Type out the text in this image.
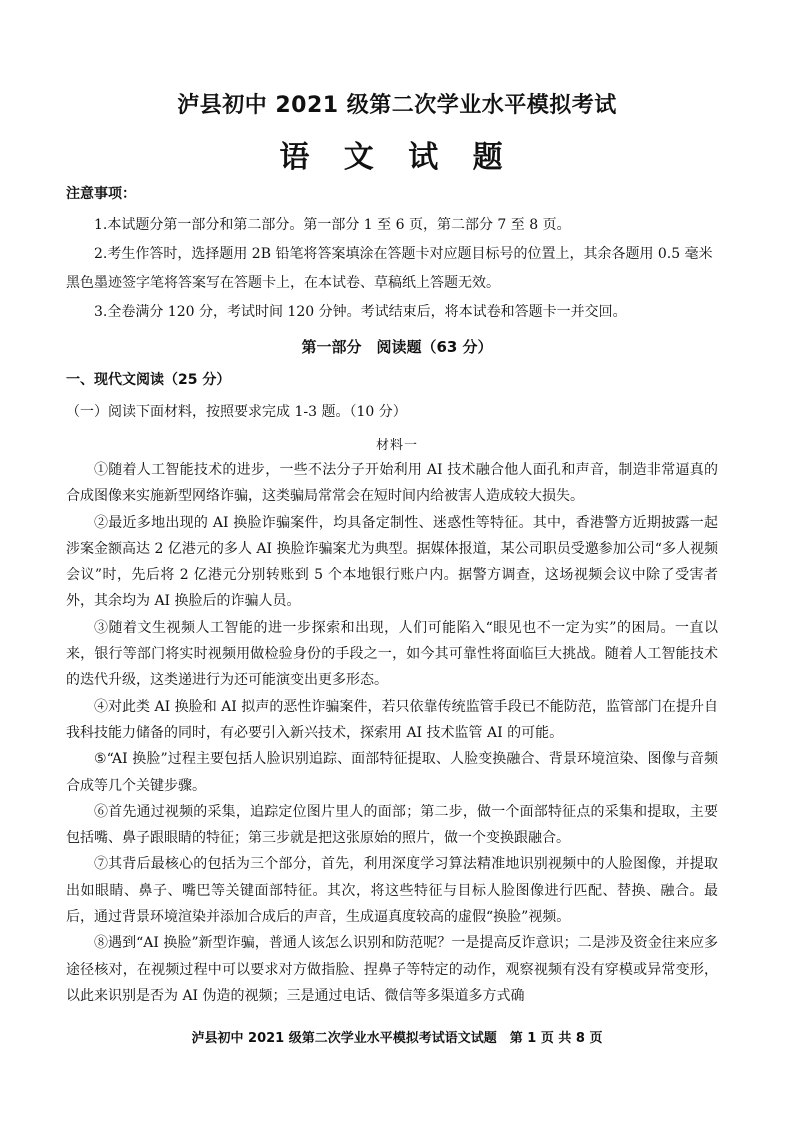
泸县初中 2021 级第二次学业水平模拟考试
语 文 试 题
注意事项：

1.本试题分第一部分和第二部分。第一部分 1 至 6 页，第二部分 7 至 8 页。

2.考生作答时，选择题用 2B 铅笔将答案填涂在答题卡对应题目标号的位置上，其余各题用 0.5 毫米黑色墨迹签字笔将答案写在答题卡上，在本试卷、草稿纸上答题无效。

3.全卷满分 120 分，考试时间 120 分钟。考试结束后，将本试卷和答题卡一并交回。

第一部分　阅读题（63 分）
一、现代文阅读（25 分）
（一）阅读下面材料，按照要求完成 1-3 题。（10 分）
材料一

①随着人工智能技术的进步，一些不法分子开始利用 AI 技术融合他人面孔和声音，制造非常逼真的合成图像来实施新型网络诈骗，这类骗局常常会在短时间内给被害人造成较大损失。

②最近多地出现的 AI 换脸诈骗案件，均具备定制性、迷惑性等特征。其中，香港警方近期披露一起涉案金额高达 2 亿港元的多人 AI 换脸诈骗案尤为典型。据媒体报道，某公司职员受邀参加公司“多人视频会议”时，先后将 2 亿港元分别转账到 5 个本地银行账户内。据警方调查，这场视频会议中除了受害者外，其余均为 AI 换脸后的诈骗人员。

③随着文生视频人工智能的进一步探索和出现，人们可能陷入“眼见也不一定为实”的困局。一直以来，银行等部门将实时视频用做检验身份的手段之一，如今其可靠性将面临巨大挑战。随着人工智能技术的迭代升级，这类递进行为还可能演变出更多形态。

④对此类 AI 换脸和 AI 拟声的恶性诈骗案件，若只依靠传统监管手段已不能防范，监管部门在提升自我科技能力储备的同时，有必要引入新兴技术，探索用 AI 技术监管 AI 的可能。

⑤“AI 换脸”过程主要包括人脸识别追踪、面部特征提取、人脸变换融合、背景环境渲染、图像与音频合成等几个关键步骤。

⑥首先通过视频的采集，追踪定位图片里人的面部；第二步，做一个面部特征点的采集和提取，主要包括嘴、鼻子跟眼睛的特征；第三步就是把这张原始的照片，做一个变换跟融合。

⑦其背后最核心的包括为三个部分，首先，利用深度学习算法精准地识别视频中的人脸图像，并提取出如眼睛、鼻子、嘴巴等关键面部特征。其次，将这些特征与目标人脸图像进行匹配、替换、融合。最后，通过背景环境渲染并添加合成后的声音，生成逼真度较高的虚假“换脸”视频。

⑧遇到“AI 换脸”新型诈骗，普通人该怎么识别和防范呢？一是提高反诈意识；二是涉及资金往来应多途径核对，在视频过程中可以要求对方做指脸、捏鼻子等特定的动作，观察视频有没有穿模或异常变形，以此来识别是否为 AI 伪造的视频；三是通过电话、微信等多渠道多方式确

泸县初中 2021 级第二次学业水平模拟考试语文试题　第 1 页 共 8 页
